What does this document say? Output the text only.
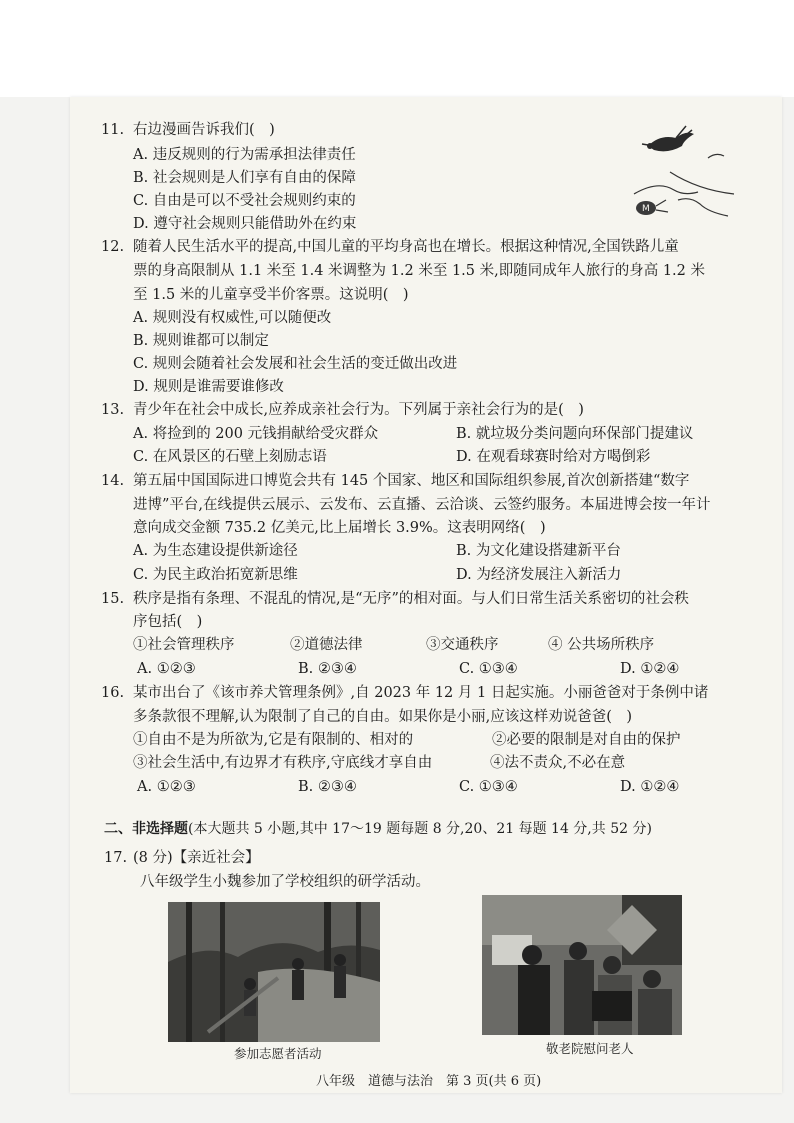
11. 右边漫画告诉我们(　)
A. 违反规则的行为需承担法律责任
B. 社会规则是人们享有自由的保障
C. 自由是可以不受社会规则约束的
D. 遵守社会规则只能借助外在约束
M
12. 随着人民生活水平的提高,中国儿童的平均身高也在增长。根据这种情况,全国铁路儿童
票的身高限制从 1.1 米至 1.4 米调整为 1.2 米至 1.5 米,即随同成年人旅行的身高 1.2 米
至 1.5 米的儿童享受半价客票。这说明(　)
A. 规则没有权威性,可以随便改
B. 规则谁都可以制定
C. 规则会随着社会发展和社会生活的变迁做出改进
D. 规则是谁需要谁修改
13. 青少年在社会中成长,应养成亲社会行为。下列属于亲社会行为的是(　)
A. 将捡到的 200 元钱捐献给受灾群众	B. 就垃圾分类问题向环保部门提建议
C. 在风景区的石壁上刻励志语	D. 在观看球赛时给对方喝倒彩
14. 第五届中国国际进口博览会共有 145 个国家、地区和国际组织参展,首次创新搭建“数字
进博”平台,在线提供云展示、云发布、云直播、云洽谈、云签约服务。本届进博会按一年计
意向成交金额 735.2 亿美元,比上届增长 3.9%。这表明网络(　)
A. 为生态建设提供新途径	B. 为文化建设搭建新平台
C. 为民主政治拓宽新思维	D. 为经济发展注入新活力
15. 秩序是指有条理、不混乱的情况,是“无序”的相对面。与人们日常生活关系密切的社会秩
序包括(　)
①社会管理秩序	②道德法律	③交通秩序	④ 公共场所秩序
A. ①②③	B. ②③④	C. ①③④	D. ①②④
16. 某市出台了《该市养犬管理条例》,自 2023 年 12 月 1 日起实施。小丽爸爸对于条例中诸
多条款很不理解,认为限制了自己的自由。如果你是小丽,应该这样劝说爸爸(　)
①自由不是为所欲为,它是有限制的、相对的	②必要的限制是对自由的保护
③社会生活中,有边界才有秩序,守底线才享自由	④法不责众,不必在意
A. ①②③	B. ②③④	C. ①③④	D. ①②④
二、非选择题(本大题共 5 小题,其中 17～19 题每题 8 分,20、21 每题 14 分,共 52 分)
17. (8 分)【亲近社会】
八年级学生小魏参加了学校组织的研学活动。
参加志愿者活动	敬老院慰问老人
八年级　道德与法治　第 3 页(共 6 页)
